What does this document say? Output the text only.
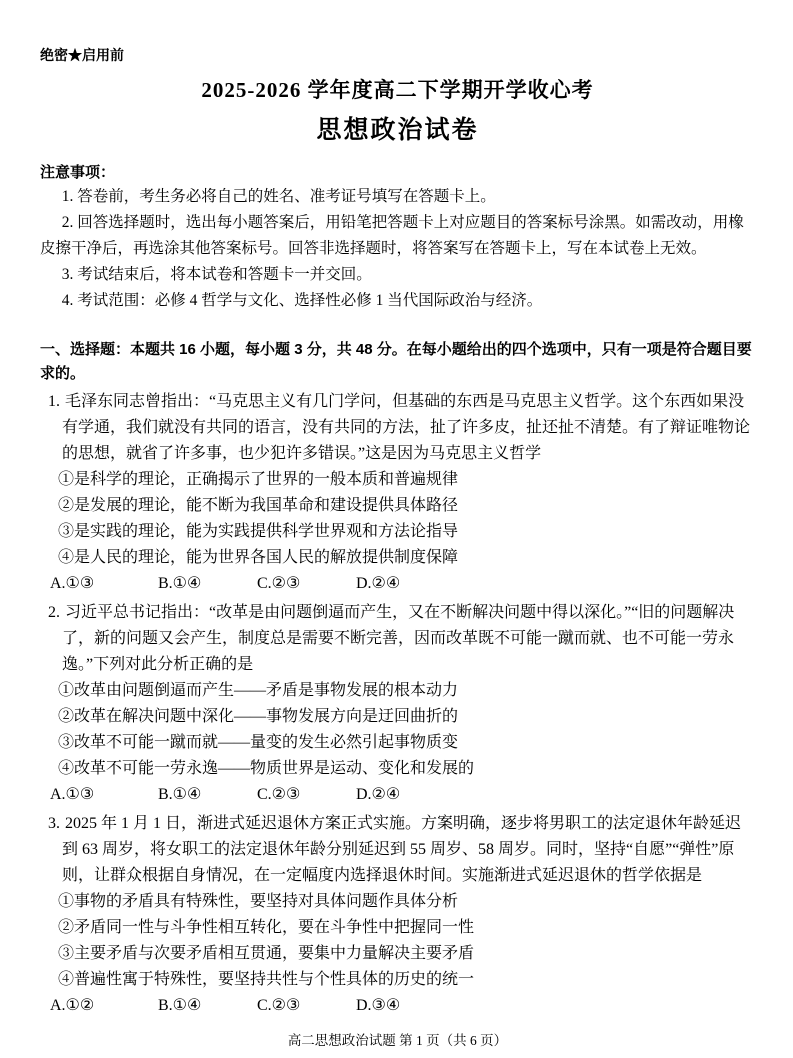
绝密★启用前
2025-2026 学年度高二下学期开学收心考
思想政治试卷
注意事项：

1. 答卷前，考生务必将自己的姓名、准考证号填写在答题卡上。

2. 回答选择题时，选出每小题答案后，用铅笔把答题卡上对应题目的答案标号涂黑。如需改动，用橡皮擦干净后，再选涂其他答案标号。回答非选择题时，将答案写在答题卡上，写在本试卷上无效。

3. 考试结束后，将本试卷和答题卡一并交回。

4. 考试范围：必修 4 哲学与文化、选择性必修 1 当代国际政治与经济。

一、选择题：本题共 16 小题，每小题 3 分，共 48 分。在每小题给出的四个选项中，只有一项是符合题目要求的。

1. 毛泽东同志曾指出：“马克思主义有几门学问，但基础的东西是马克思主义哲学。这个东西如果没有学通，我们就没有共同的语言，没有共同的方法，扯了许多皮，扯还扯不清楚。有了辩证唯物论的思想，就省了许多事，也少犯许多错误。”这是因为马克思主义哲学

①是科学的理论，正确揭示了世界的一般本质和普遍规律
②是发展的理论，能不断为我国革命和建设提供具体路径
③是实践的理论，能为实践提供科学世界观和方法论指导
④是人民的理论，能为世界各国人民的解放提供制度保障
A.①③	B.①④	C.②③	D.②④

2. 习近平总书记指出：“改革是由问题倒逼而产生，又在不断解决问题中得以深化。”“旧的问题解决了，新的问题又会产生，制度总是需要不断完善，因而改革既不可能一蹴而就、也不可能一劳永逸。”下列对此分析正确的是

①改革由问题倒逼而产生——矛盾是事物发展的根本动力
②改革在解决问题中深化——事物发展方向是迂回曲折的
③改革不可能一蹴而就——量变的发生必然引起事物质变
④改革不可能一劳永逸——物质世界是运动、变化和发展的
A.①③	B.①④	C.②③	D.②④

3. 2025 年 1 月 1 日，渐进式延迟退休方案正式实施。方案明确，逐步将男职工的法定退休年龄延迟到 63 周岁，将女职工的法定退休年龄分别延迟到 55 周岁、58 周岁。同时，坚持“自愿”“弹性”原则，让群众根据自身情况，在一定幅度内选择退休时间。实施渐进式延迟退休的哲学依据是

①事物的矛盾具有特殊性，要坚持对具体问题作具体分析
②矛盾同一性与斗争性相互转化，要在斗争性中把握同一性
③主要矛盾与次要矛盾相互贯通，要集中力量解决主要矛盾
④普遍性寓于特殊性，要坚持共性与个性具体的历史的统一
A.①②	B.①④	C.②③	D.③④
高二思想政治试题 第 1 页（共 6 页）
